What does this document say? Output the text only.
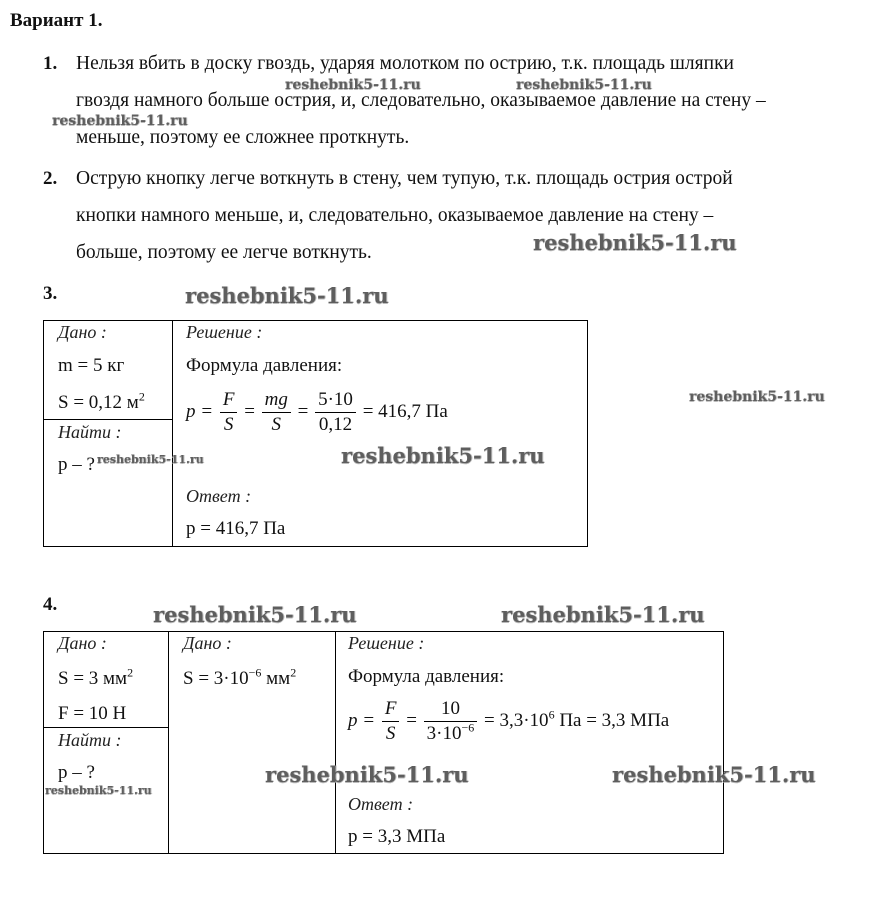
Вариант 1.
1. Нельзя вбить в доску гвоздь, ударяя молотком по острию, т.к. площадь шляпки
гвоздя намного больше острия, и, следовательно, оказываемое давление на стену –
меньше, поэтому ее сложнее проткнуть.
2. Острую кнопку легче воткнуть в стену, чем тупую, т.к. площадь острия острой
кнопки намного меньше, и, следовательно, оказываемое давление на стену –
больше, поэтому ее легче воткнуть.
3.
Дано :
m = 5 кг
S = 0,12 $м^2$
Найти :
p – ?
Решение :
Формула давления:
$p = \frac{F}{S} = \frac{mg}{S} = \frac{5\cdot 10}{0,12} = 416,7$ Па
Ответ :
p = 416,7 Па
4.
Дано :
S = 3 $мм^2$
F = 10 Н
Найти :
p – ?
Дано :
$S = 3\cdot 10^{-6}$ $мм^2$
Решение :
Формула давления:
$p = \frac{F}{S} = \frac{10}{3\cdot 10^{-6}} = 3,3\cdot 10^6$ Па = 3,3 МПа
Ответ :
p = 3,3 МПа
reshebnik5-11.ru	reshebnik5-11.ru
reshebnik5-11.ru
reshebnik5-11.ru
reshebnik5-11.ru
reshebnik5-11.ru
reshebnik5-11.ru	reshebnik5-11.ru
reshebnik5-11.ru	reshebnik5-11.ru
reshebnik5-11.ru	reshebnik5-11.ru
reshebnik5-11.ru
